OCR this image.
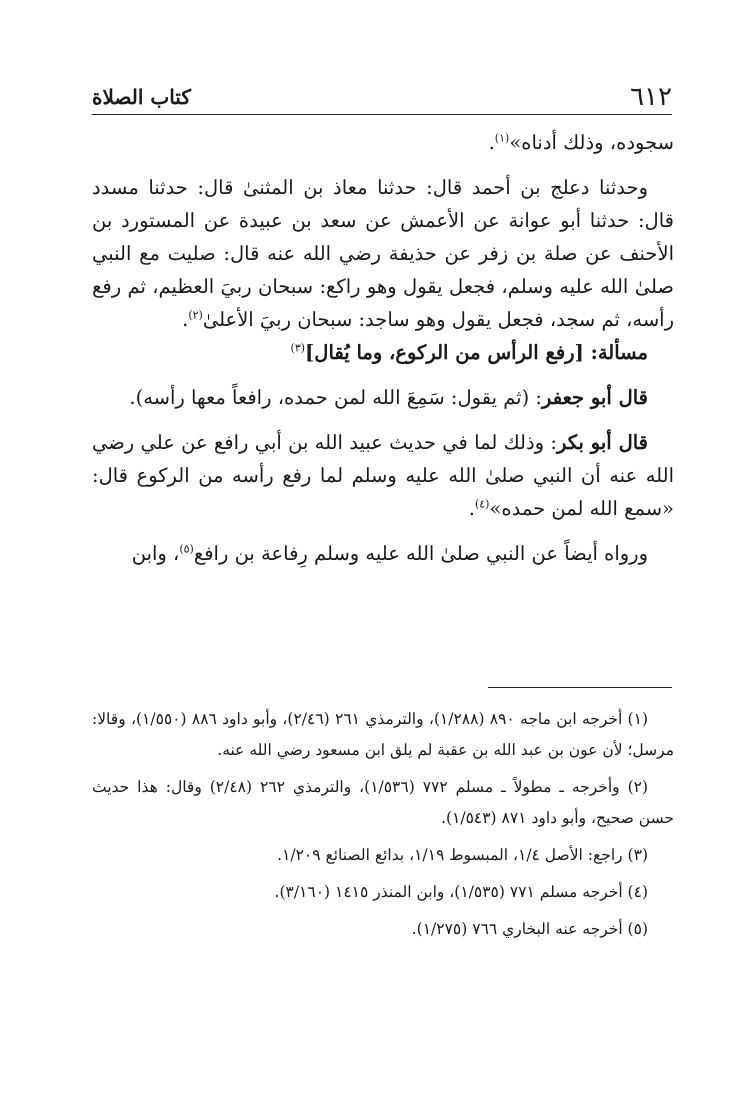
٦١٢
كتاب الصلاة

سجوده، وذلك أدناه»$^{(١)}$.

وحدثنا دعلج بن أحمد قال: حدثنا معاذ بن المثنىٰ قال: حدثنا مسدد قال: حدثنا أبو عوانة عن الأعمش عن سعد بن عبيدة عن المستورد بن الأحنف عن صلة بن زفر عن حذيفة رضي الله عنه قال: صليت مع النبي صلىٰ الله عليه وسلم، فجعل يقول وهو راكع: سبحان ربيَ العظيم، ثم رفع رأسه، ثم سجد، فجعل يقول وهو ساجد: سبحان ربيَ الأعلىٰ$^{(٢)}$.

مسألة: [رفع الرأس من الركوع، وما يُقال]$^{(٣)}$

قال أبو جعفر: (ثم يقول: سَمِعَ الله لمن حمده، رافعاً معها رأسه).

قال أبو بكر: وذلك لما في حديث عبيد الله بن أبي رافع عن علي رضي الله عنه أن النبي صلىٰ الله عليه وسلم لما رفع رأسه من الركوع قال: «سمع الله لمن حمده»$^{(٤)}$.

ورواه أيضاً عن النبي صلىٰ الله عليه وسلم رِفاعة بن رافع$^{(٥)}$، وابن

(١) أخرجه ابن ماجه ٨٩٠ (١/٢٨٨)، والترمذي ٢٦١ (٢/٤٦)، وأبو داود ٨٨٦ (١/٥٥٠)، وقالا: مرسل؛ لأن عون بن عبد الله بن عقبة لم يلق ابن مسعود رضي الله عنه.

(٢) وأخرجه ـ مطولاً ـ مسلم ٧٧٢ (١/٥٣٦)، والترمذي ٢٦٢ (٢/٤٨) وقال: هذا حديث حسن صحيح، وأبو داود ٨٧١ (١/٥٤٣).

(٣) راجع: الأصل ١/٤، المبسوط ١/١٩، بدائع الصنائع ١/٢٠٩.

(٤) أخرجه مسلم ٧٧١ (١/٥٣٥)، وابن المنذر ١٤١٥ (٣/١٦٠).

(٥) أخرجه عنه البخاري ٧٦٦ (١/٢٧٥).
